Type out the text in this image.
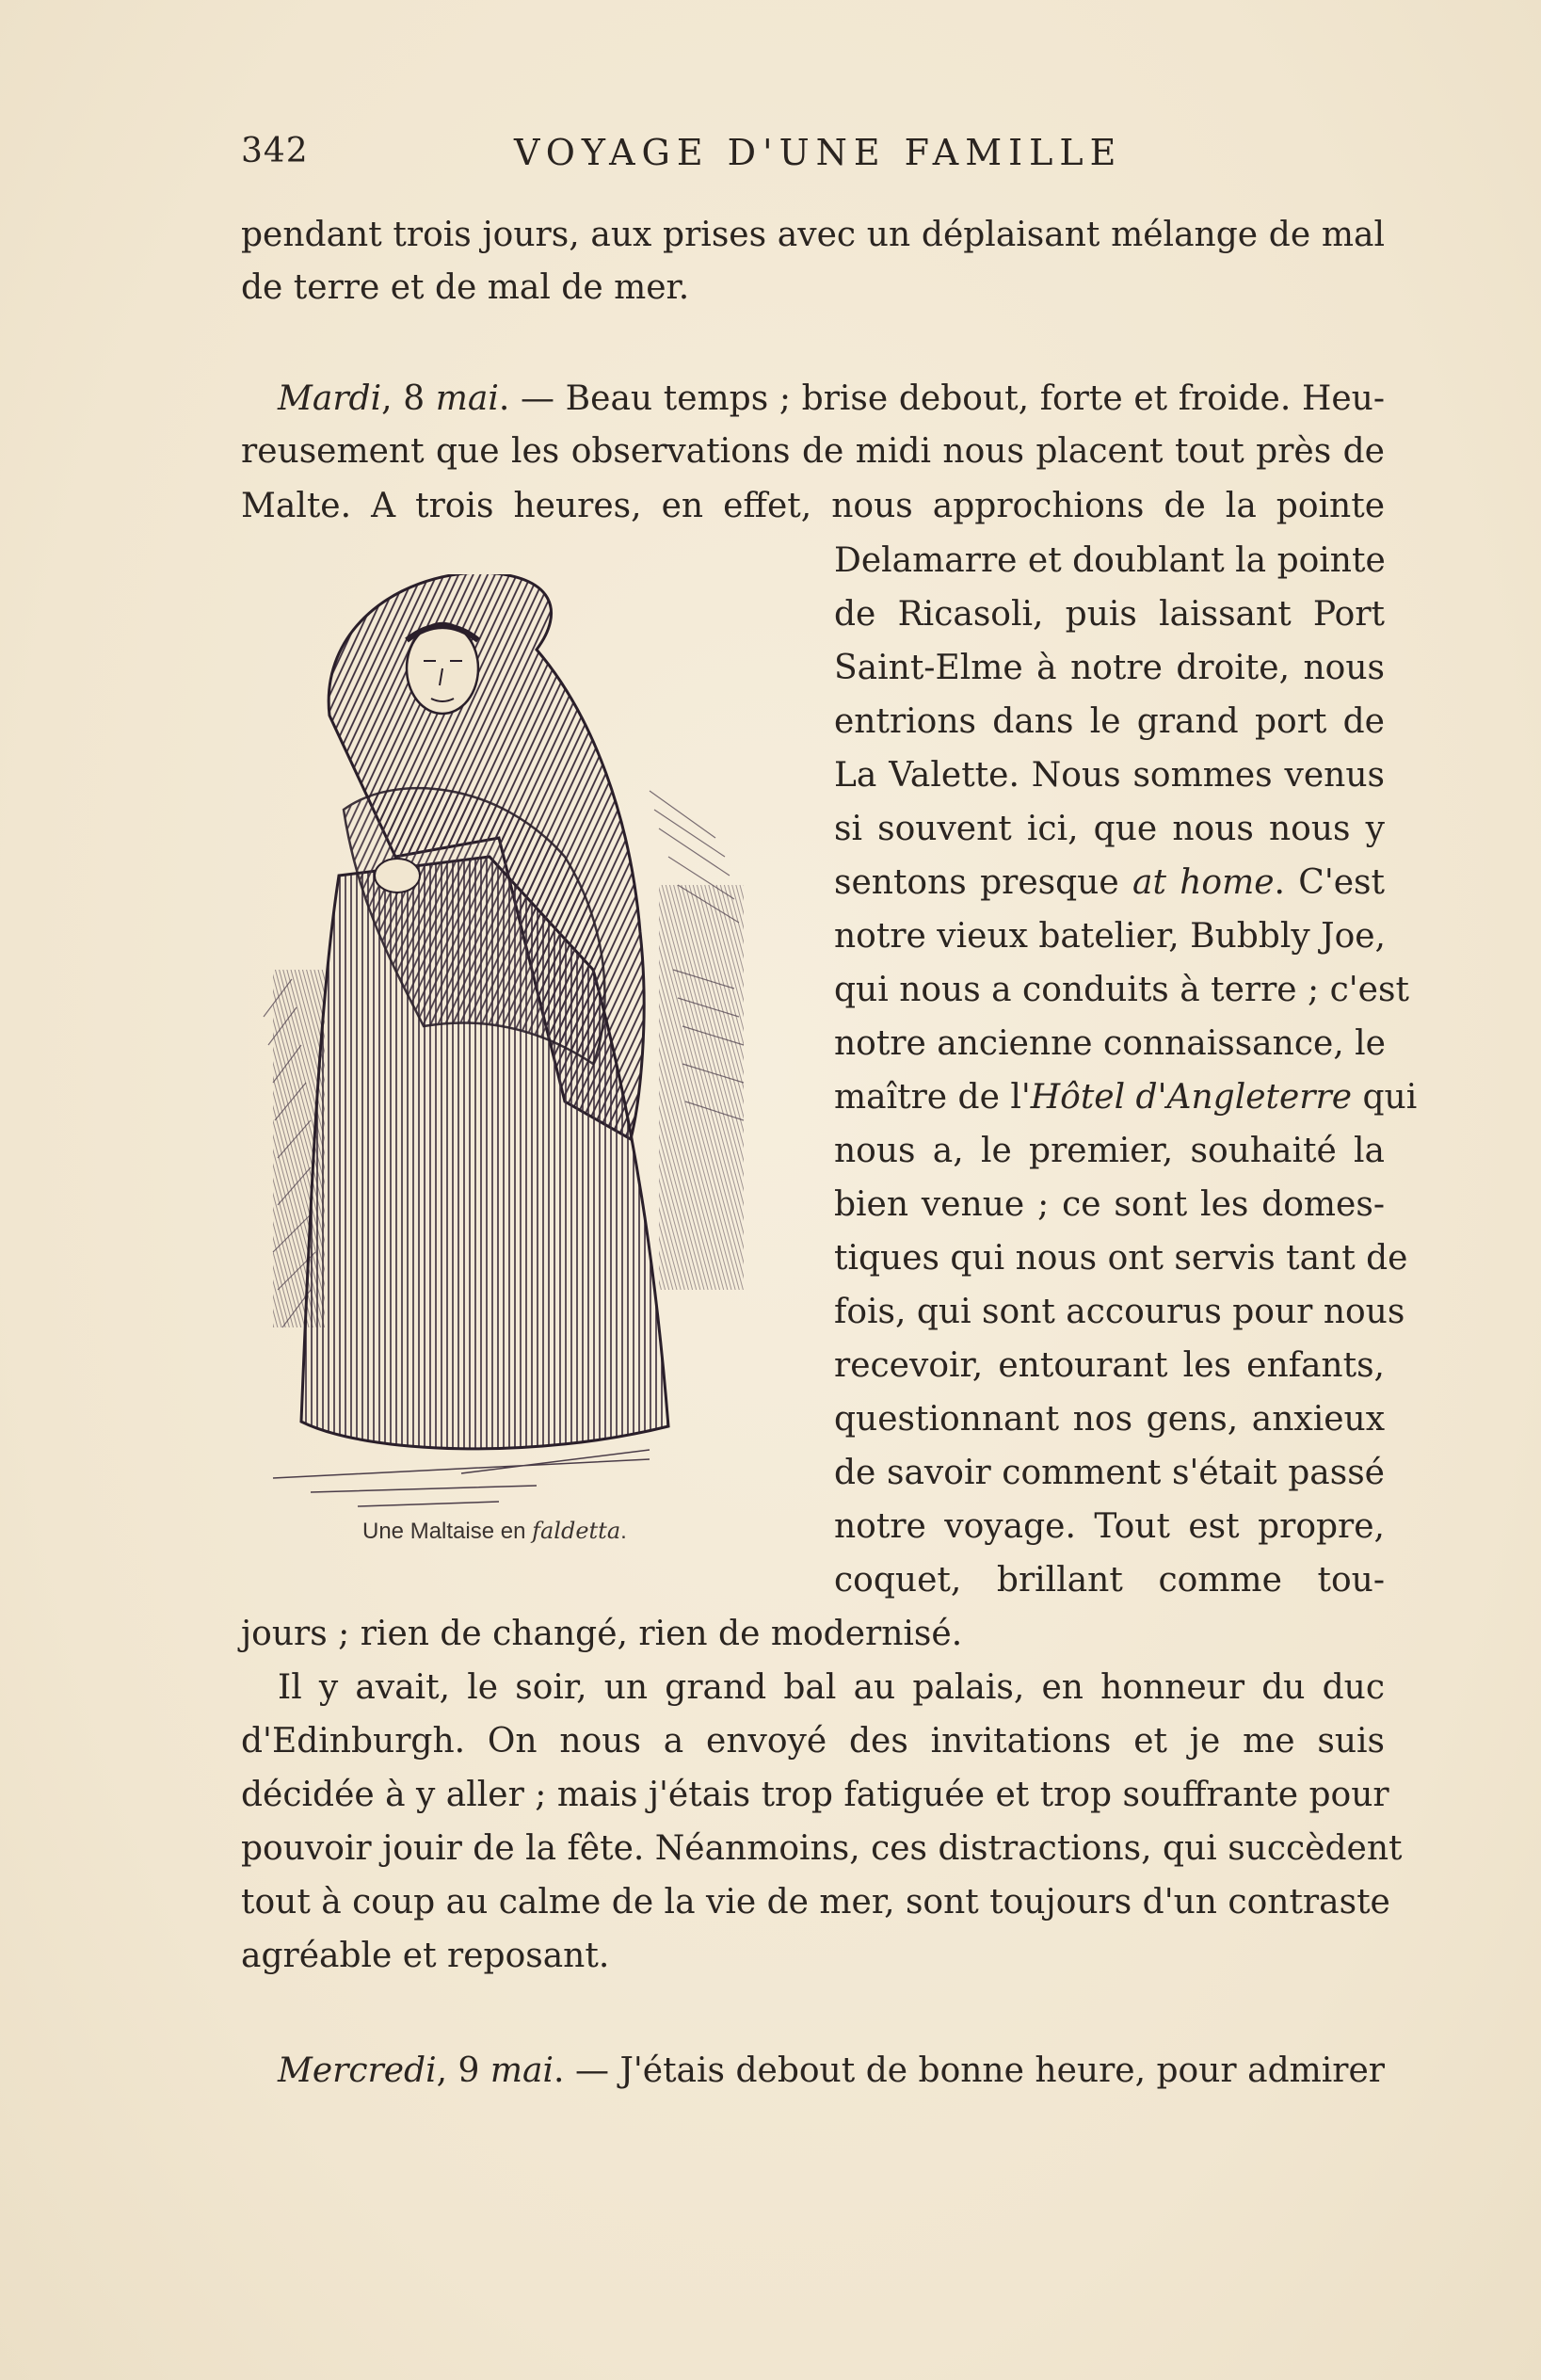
342	VOYAGE D'UNE FAMILLE
pendant trois jours, aux prises avec un déplaisant mélange de mal
de terre et de mal de mer.
Mardi, 8 mai. — Beau temps ; brise debout, forte et froide. Heu-
reusement que les observations de midi nous placent tout près de
Malte. A trois heures, en effet, nous approchions de la pointe
Delamarre et doublant la pointe
de Ricasoli, puis laissant Port
Saint-Elme à notre droite, nous
entrions dans le grand port de
La Valette. Nous sommes venus
si souvent ici, que nous nous y
sentons presque at home. C'est
notre vieux batelier, Bubbly Joe,
qui nous a conduits à terre ; c'est
notre ancienne connaissance, le
maître de l'Hôtel d'Angleterre qui
nous a, le premier, souhaité la
bien venue ; ce sont les domes-
tiques qui nous ont servis tant de
fois, qui sont accourus pour nous
recevoir, entourant les enfants,
questionnant nos gens, anxieux
de savoir comment s'était passé
notre voyage. Tout est propre,
coquet, brillant comme tou-
jours ; rien de changé, rien de modernisé.
Il y avait, le soir, un grand bal au palais, en honneur du duc
d'Edinburgh. On nous a envoyé des invitations et je me suis
décidée à y aller ; mais j'étais trop fatiguée et trop souffrante pour
pouvoir jouir de la fête. Néanmoins, ces distractions, qui succèdent
tout à coup au calme de la vie de mer, sont toujours d'un contraste
agréable et reposant.
Mercredi, 9 mai. — J'étais debout de bonne heure, pour admirer
Une Maltaise en faldetta.
